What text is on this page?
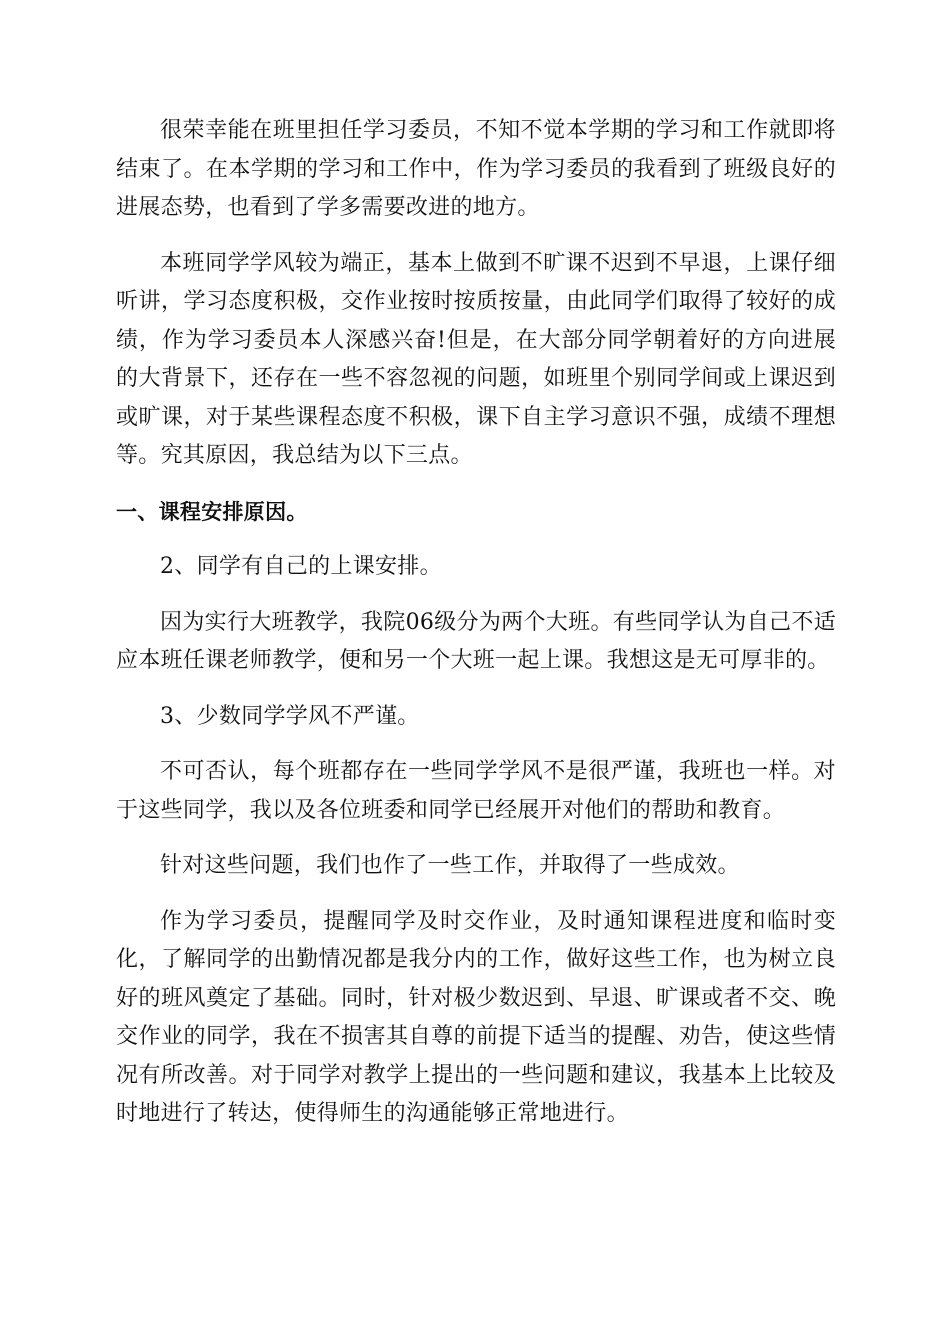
很荣幸能在班里担任学习委员，不知不觉本学期的学习和工作就即将结束了。在本学期的学习和工作中，作为学习委员的我看到了班级良好的进展态势，也看到了学多需要改进的地方。

本班同学学风较为端正，基本上做到不旷课不迟到不早退，上课仔细听讲，学习态度积极，交作业按时按质按量，由此同学们取得了较好的成绩，作为学习委员本人深感兴奋!但是，在大部分同学朝着好的方向进展的大背景下，还存在一些不容忽视的问题，如班里个别同学间或上课迟到或旷课，对于某些课程态度不积极，课下自主学习意识不强，成绩不理想等。究其原因，我总结为以下三点。

一、课程安排原因。

2、同学有自己的上课安排。

因为实行大班教学，我院06级分为两个大班。有些同学认为自己不适应本班任课老师教学，便和另一个大班一起上课。我想这是无可厚非的。

3、少数同学学风不严谨。

不可否认，每个班都存在一些同学学风不是很严谨，我班也一样。对于这些同学，我以及各位班委和同学已经展开对他们的帮助和教育。

针对这些问题，我们也作了一些工作，并取得了一些成效。

作为学习委员，提醒同学及时交作业，及时通知课程进度和临时变化，了解同学的出勤情况都是我分内的工作，做好这些工作，也为树立良好的班风奠定了基础。同时，针对极少数迟到、早退、旷课或者不交、晚交作业的同学，我在不损害其自尊的前提下适当的提醒、劝告，使这些情况有所改善。对于同学对教学上提出的一些问题和建议，我基本上比较及时地进行了转达，使得师生的沟通能够正常地进行。
